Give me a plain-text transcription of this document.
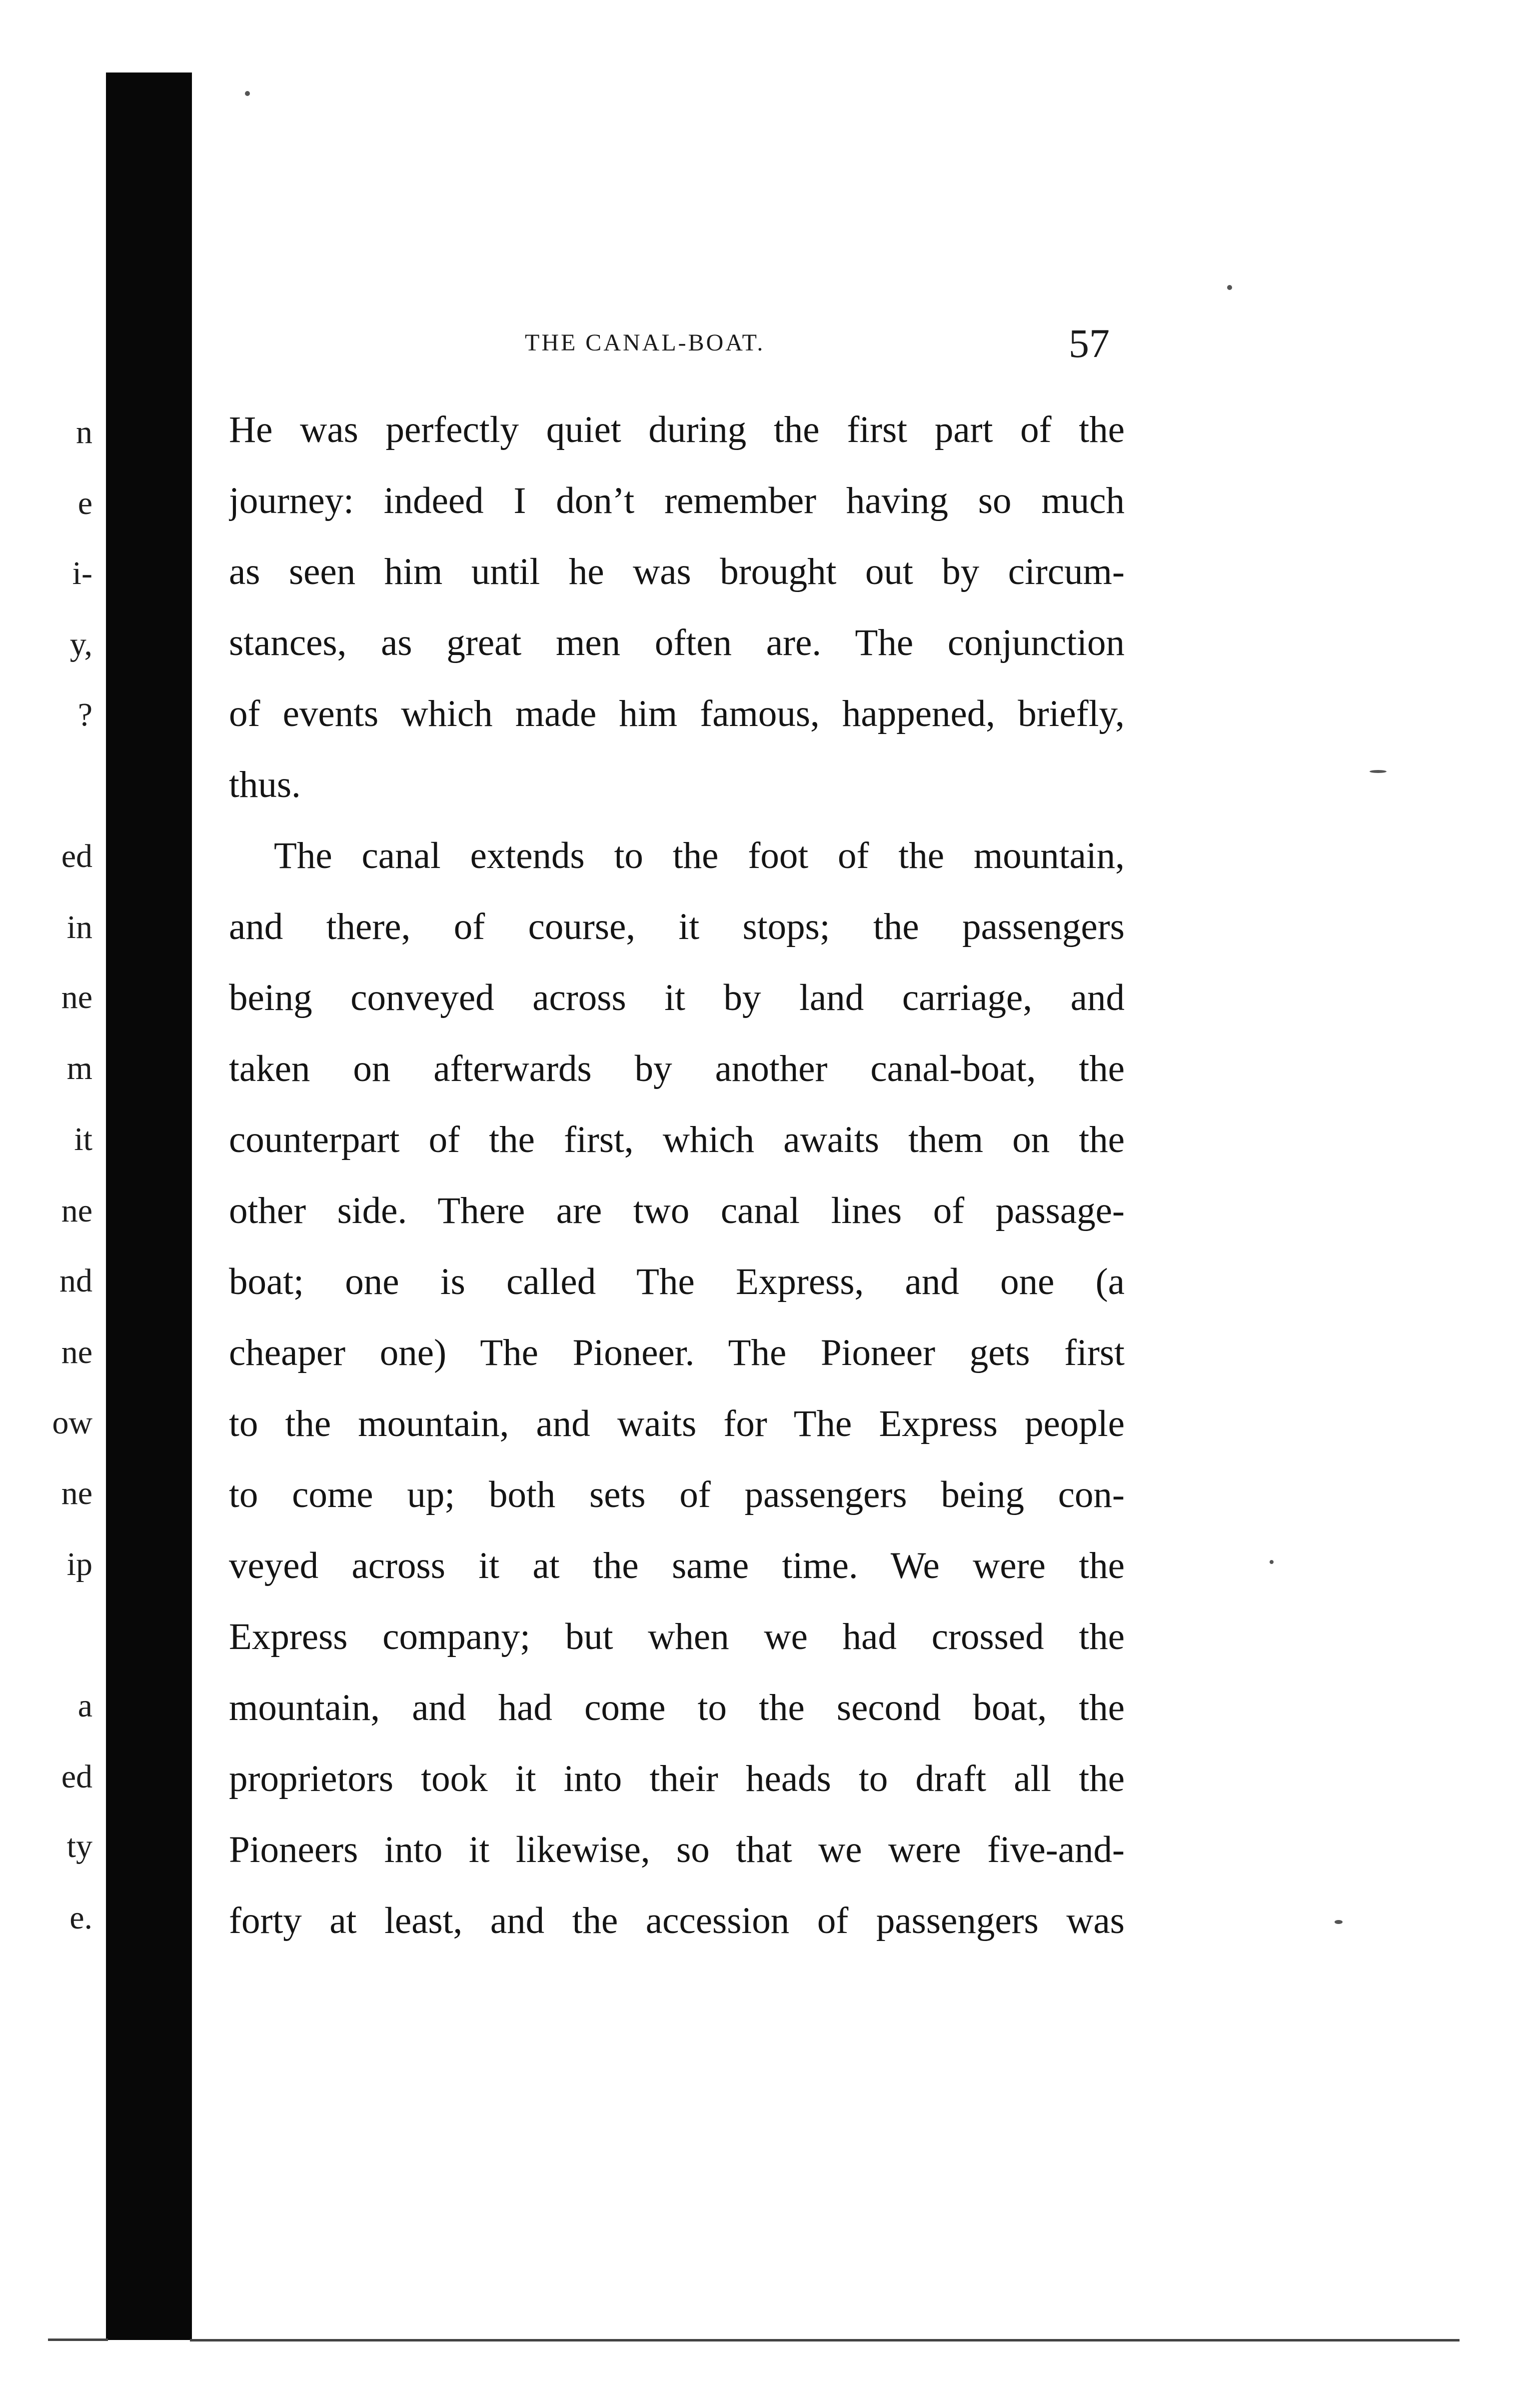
n
e
i-
y,
?
ed
in
ne
m
it
ne
nd
ne
ow
ne
ip
a
ed
ty
e.
THE CANAL-BOAT.	57
He was perfectly quiet during the first part of the
journey: indeed I don’t remember having so much
as seen him until he was brought out by circum-
stances, as great men often are. The conjunction
of events which made him famous, happened, briefly,
thus.
The canal extends to the foot of the mountain,
and there, of course, it stops; the passengers
being conveyed across it by land carriage, and
taken on afterwards by another canal-boat, the
counterpart of the first, which awaits them on the
other side. There are two canal lines of passage-
boat; one is called The Express, and one (a
cheaper one) The Pioneer. The Pioneer gets first
to the mountain, and waits for The Express people
to come up; both sets of passengers being con-
veyed across it at the same time. We were the
Express company; but when we had crossed the
mountain, and had come to the second boat, the
proprietors took it into their heads to draft all the
Pioneers into it likewise, so that we were five-and-
forty at least, and the accession of passengers was
